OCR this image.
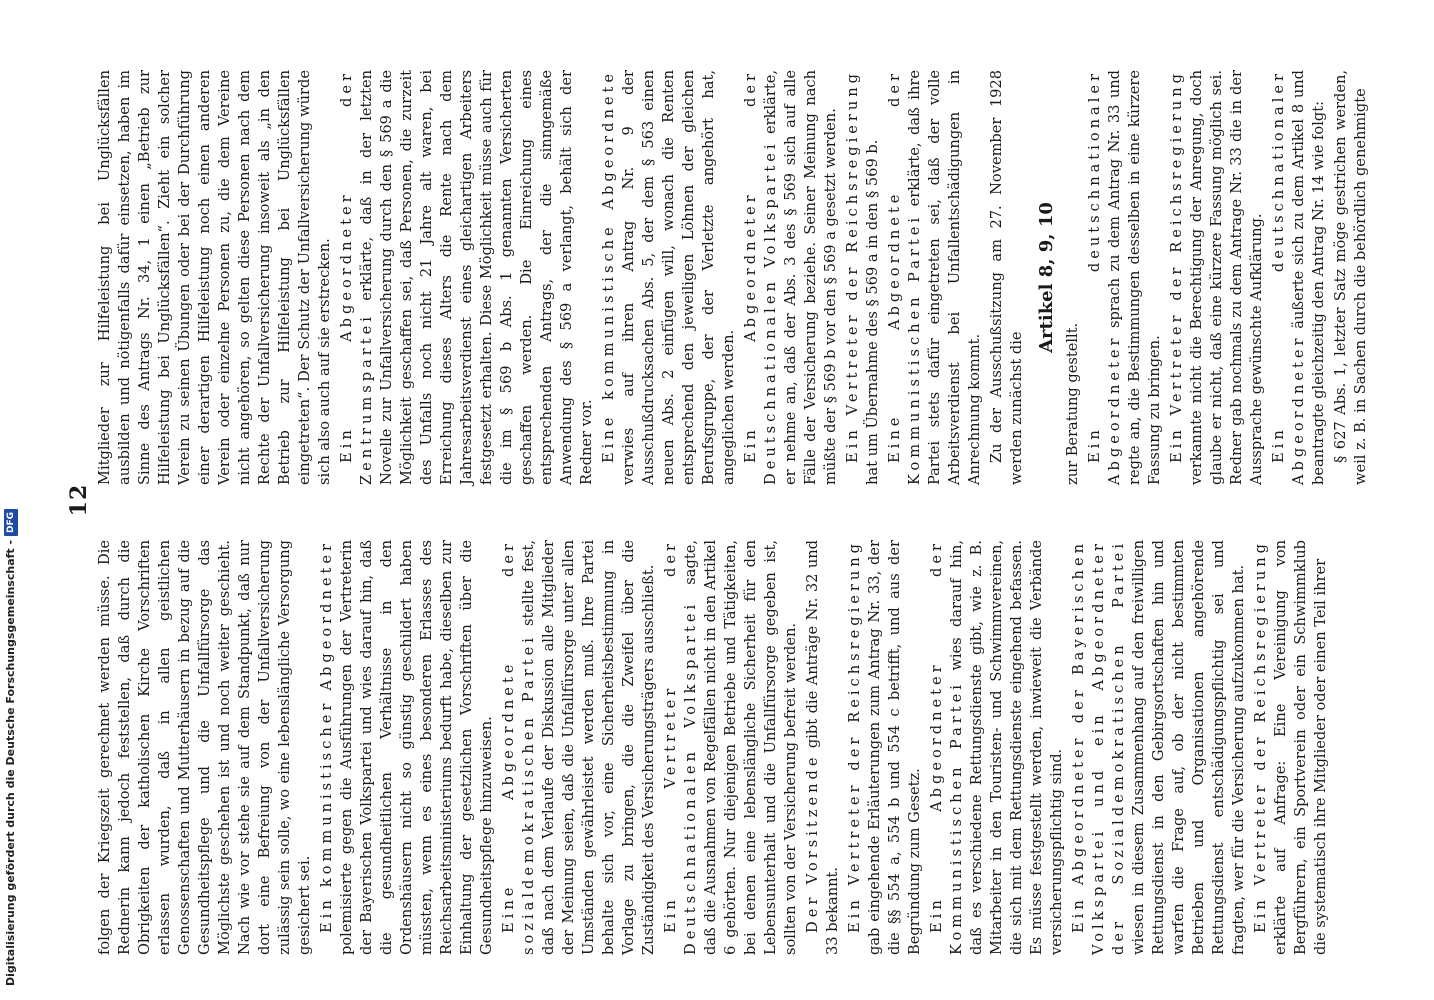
Digitalisierung gefördert durch die Deutsche Forschungsgemeinschaft -DFG
12

folgen der Kriegszeit gerechnet werden müsse. Die Rednerin kann jedoch feststellen, daß durch die Obrigkeiten der katholischen Kirche Vorschriften erlassen wurden, daß in allen geistlichen Genossenschaften und Mutterhäusern in bezug auf die Gesundheitspflege und die Unfallfürsorge das Möglichste geschehen ist und noch weiter geschieht. Nach wie vor stehe sie auf dem Standpunkt, daß nur dort eine Befreiung von der Unfallversicherung zulässig sein solle, wo eine lebenslängliche Versorgung gesichert sei. Ein kommunistischer Abgeordneter polemisierte gegen die Ausführungen der Vertreterin der Bayerischen Volkspartei und wies darauf hin, daß die gesundheitlichen Verhältnisse in den Ordenshäusern nicht so günstig geschildert haben müssten, wenn es eines besonderen Erlasses des Reichsarbeitsministeriums bedurft habe, dieselben zur Einhaltung der gesetzlichen Vorschriften über die Gesundheitspflege hinzuweisen. Eine Abgeordnete der sozialdemokratischen Partei stellte fest, daß nach dem Verlaufe der Diskussion alle Mitglieder der Meinung seien, daß die Unfallfürsorge unter allen Umständen gewährleistet werden muß. Ihre Partei behalte sich vor, eine Sicherheitsbestimmung in Vorlage zu bringen, die die Zweifel über die Zuständigkeit des Versicherungsträgers ausschließt. Ein Vertreter der Deutschnationalen Volkspartei sagte, daß die Ausnahmen von Regelfällen nicht in den Artikel 6 gehörten. Nur diejenigen Betriebe und Tätigkeiten, bei denen eine lebenslängliche Sicherheit für den Lebensunterhalt und die Unfallfürsorge gegeben ist, sollten von der Versicherung befreit werden. Der Vorsitzende gibt die Anträge Nr. 32 und 33 bekannt. Ein Vertreter der Reichsregierung gab eingehende Erläuterungen zum Antrag Nr. 33, der die §§ 554 a, 554 b und 554 c betrifft, und aus der Begründung zum Gesetz. Ein Abgeordneter der Kommunistischen Partei wies darauf hin, daß es verschiedene Rettungsdienste gibt, wie z. B. Mitarbeiter in den Touristen- und Schwimmvereinen, die sich mit dem Rettungsdienste eingehend befassen. Es müsse festgestellt werden, inwieweit die Verbände versicherungspflichtig sind. Ein Abgeordneter der Bayerischen Volkspartei und ein Abgeordneter der Sozialdemokratischen Partei wiesen in diesem Zusammenhang auf den freiwilligen Rettungsdienst in den Gebirgsortschaften hin und warfen die Frage auf, ob der nicht bestimmten Betrieben und Organisationen angehörende Rettungsdienst entschädigungspflichtig sei und fragten, wer für die Versicherung aufzukommen hat. Ein Vertreter der Reichsregierung erklärte auf Anfrage: Eine Vereinigung von Bergführern, ein Sportverein oder ein Schwimmklub die systematisch ihre Mitglieder oder einen Teil ihrer

Mitglieder zur Hilfeleistung bei Unglücksfällen ausbilden und nötigenfalls dafür einsetzen, haben im Sinne des Antrags Nr. 34, 1 einen „Betrieb zur Hilfeleistung bei Unglücksfällen“. Zieht ein solcher Verein zu seinen Übungen oder bei der Durchführung einer derartigen Hilfeleistung noch einen anderen Verein oder einzelne Personen zu, die dem Vereine nicht angehören, so gelten diese Personen nach dem Rechte der Unfallversicherung insoweit als „in den Betrieb zur Hilfeleistung bei Unglücksfällen eingetreten“. Der Schutz der Unfallversicherung würde sich also auch auf sie erstrecken. Ein Abgeordneter der Zentrumspartei erklärte, daß in der letzten Novelle zur Unfallversicherung durch den § 569 a die Möglichkeit geschaffen sei, daß Personen, die zurzeit des Unfalls noch nicht 21 Jahre alt waren, bei Erreichung dieses Alters die Rente nach dem Jahresarbeitsverdienst eines gleichartigen Arbeiters festgesetzt erhalten. Diese Möglichkeit müsse auch für die im § 569 b Abs. 1 genannten Versicherten geschaffen werden. Die Einreichung eines entsprechenden Antrags, der die sinngemäße Anwendung des § 569 a verlangt, behält sich der Redner vor. Eine kommunistische Abgeordnete verwies auf ihren Antrag Nr. 9 der Ausschußdrucksachen Abs. 5, der dem § 563 einen neuen Abs. 2 einfügen will, wonach die Renten entsprechend den jeweiligen Löhnen der gleichen Berufsgruppe, der der Verletzte angehört hat, angeglichen werden. Ein Abgeordneter der Deutschnationalen Volkspartei erklärte, er nehme an, daß der Abs. 3 des § 569 sich auf alle Fälle der Versicherung beziehe. Seiner Meinung nach müßte der § 569 b vor den § 569 a gesetzt werden. Ein Vertreter der Reichsregierung hat um Übernahme des § 569 a in den § 569 b. Eine Abgeordnete der Kommunistischen Partei erklärte, daß ihre Partei stets dafür eingetreten sei, daß der volle Arbeitsverdienst bei Unfallentschädigungen in Anrechnung kommt. Zu der Ausschußsitzung am 27. November 1928 werden zunächst die

Artikel 8, 9, 10

zur Beratung gestellt. Ein deutschnationaler Abgeordneter sprach zu dem Antrag Nr. 33 und regte an, die Bestimmungen desselben in eine kürzere Fassung zu bringen. Ein Vertreter der Reichsregierung verkannte nicht die Berechtigung der Anregung, doch glaube er nicht, daß eine kürzere Fassung möglich sei. Redner gab nochmals zu dem Antrage Nr. 33 die in der Aussprache gewünschte Aufklärung. Ein deutschnationaler Abgeordneter äußerte sich zu dem Artikel 8 und beantragte gleichzeitig den Antrag Nr. 14 wie folgt: § 627 Abs. 1, letzter Satz möge gestrichen werden, weil z. B. in Sachen durch die behördlich genehmigte
